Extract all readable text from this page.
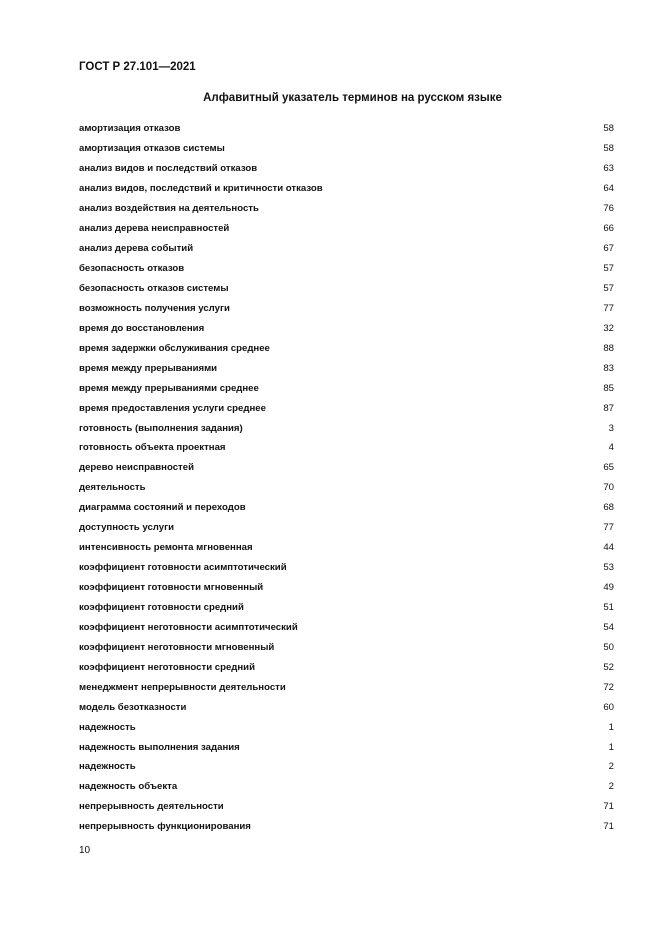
ГОСТ Р 27.101—2021
Алфавитный указатель терминов на русском языке
амортизация отказов	58
амортизация отказов системы	58
анализ видов и последствий отказов	63
анализ видов, последствий и критичности отказов	64
анализ воздействия на деятельность	76
анализ дерева неисправностей	66
анализ дерева событий	67
безопасность отказов	57
безопасность отказов системы	57
возможность получения услуги	77
время до восстановления	32
время задержки обслуживания среднее	88
время между прерываниями	83
время между прерываниями среднее	85
время предоставления услуги среднее	87
готовность (выполнения задания)	3
готовность объекта проектная	4
дерево неисправностей	65
деятельность	70
диаграмма состояний и переходов	68
доступность услуги	77
интенсивность ремонта мгновенная	44
коэффициент готовности асимптотический	53
коэффициент готовности мгновенный	49
коэффициент готовности средний	51
коэффициент неготовности асимптотический	54
коэффициент неготовности мгновенный	50
коэффициент неготовности средний	52
менеджмент непрерывности деятельности	72
модель безотказности	60
надежность	1
надежность выполнения задания	1
надежность	2
надежность объекта	2
непрерывность деятельности	71
непрерывность функционирования	71
10
